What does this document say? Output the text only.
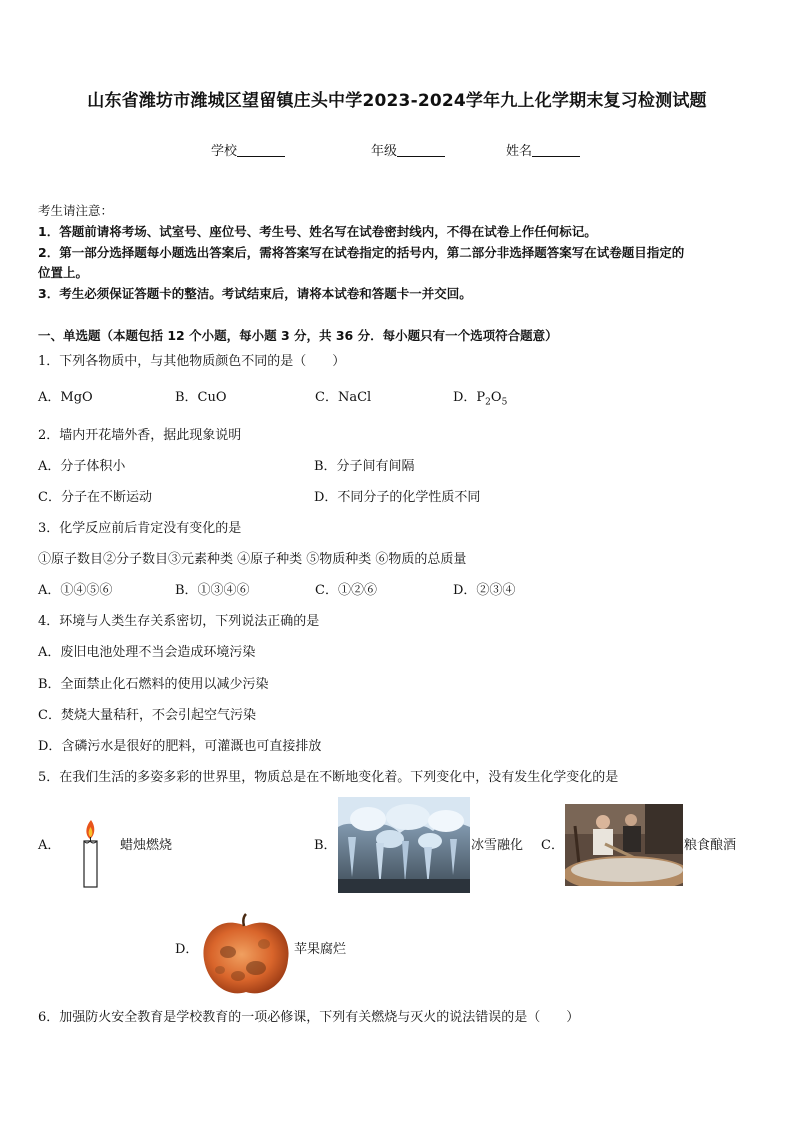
山东省潍坊市潍城区望留镇庄头中学2023-2024学年九上化学期末复习检测试题
学校	年级	姓名
考生请注意：
1．答题前请将考场、试室号、座位号、考生号、姓名写在试卷密封线内，不得在试卷上作任何标记。
2．第一部分选择题每小题选出答案后，需将答案写在试卷指定的括号内，第二部分非选择题答案写在试卷题目指定的
位置上。
3．考生必须保证答题卡的整洁。考试结束后，请将本试卷和答题卡一并交回。
一、单选题（本题包括 12 个小题，每小题 3 分，共 36 分．每小题只有一个选项符合题意）
1．下列各物质中，与其他物质颜色不同的是（　　）
A．MgO	B．CuO	C．NaCl	D．$P_2O_5$
2．墙内开花墙外香，据此现象说明
A．分子体积小	B．分子间有间隔
C．分子在不断运动	D．不同分子的化学性质不同
3．化学反应前后肯定没有变化的是
①原子数目②分子数目③元素种类 ④原子种类 ⑤物质种类 ⑥物质的总质量
A．①④⑤⑥	B．①③④⑥	C．①②⑥	D．②③④
4．环境与人类生存关系密切，下列说法正确的是
A．废旧电池处理不当会造成环境污染
B．全面禁止化石燃料的使用以减少污染
C．焚烧大量秸秆，不会引起空气污染
D．含磷污水是很好的肥料，可灌溉也可直接排放
5．在我们生活的多姿多彩的世界里，物质总是在不断地变化着。下列变化中，没有发生化学变化的是
A．	蜡烛燃烧	B．	冰雪融化 C．	粮食酿酒
D．	苹果腐烂
6．加强防火安全教育是学校教育的一项必修课，下列有关燃烧与灭火的说法错误的是（　　）
